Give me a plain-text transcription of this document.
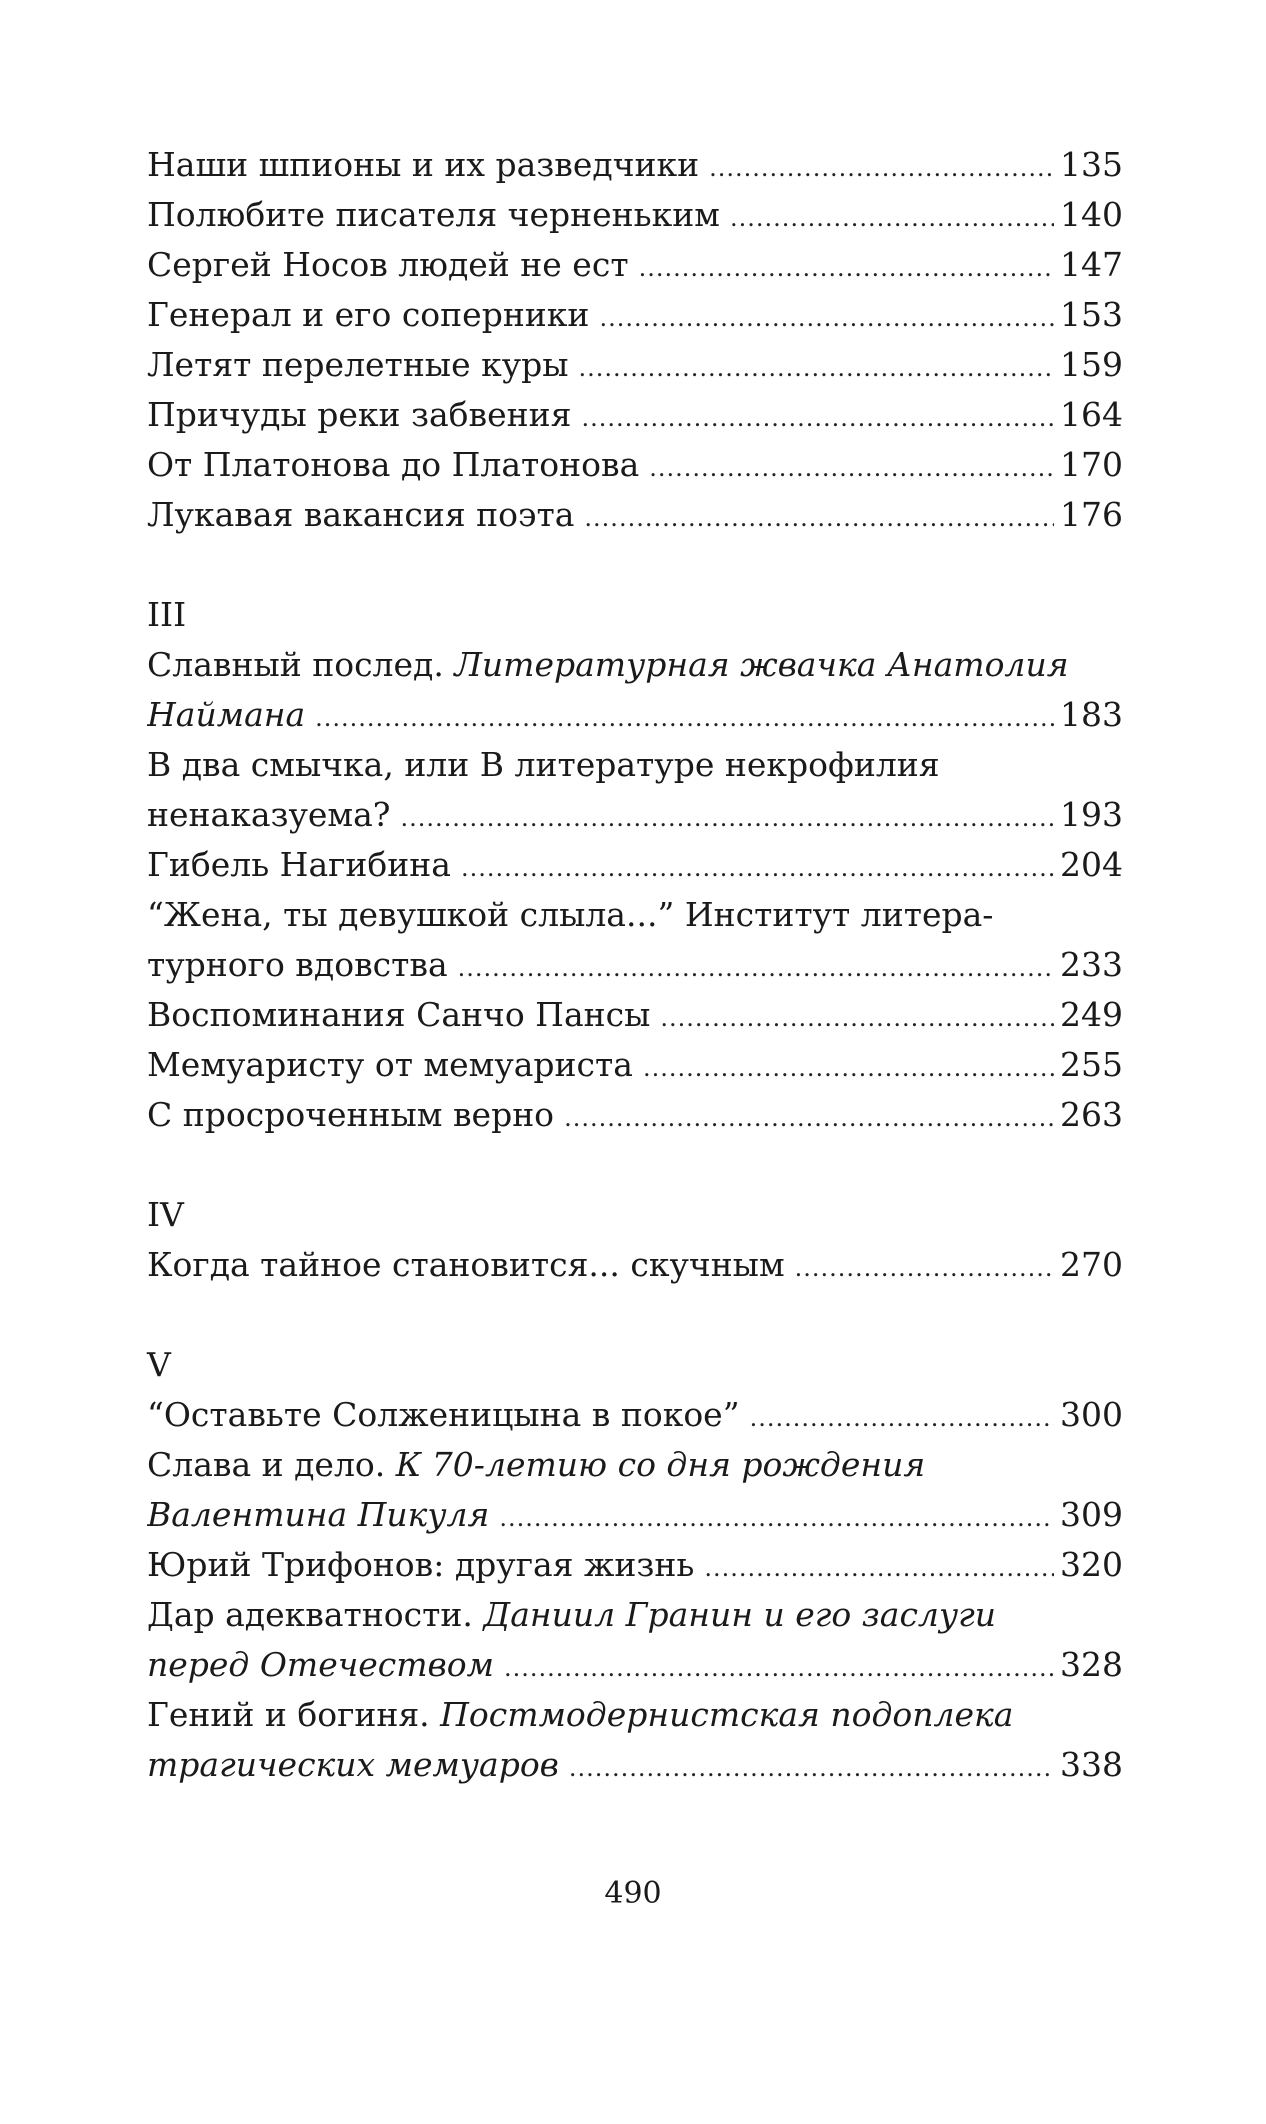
Наши шпионы и их разведчики .....	135
Полюбите писателя черненьким .....	140
Сергей Носов людей не ест .....	147
Генерал и его соперники .....	153
Летят перелетные куры .....	159
Причуды реки забвения .....	164
От Платонова до Платонова .....	170
Лукавая вакансия поэта .....	176
III
Славный послед. Литературная жвачка Анатолия
Наймана .....	183
В два смычка, или В литературе некрофилия
ненаказуема? .....	193
Гибель Нагибина .....	204
“Жена, ты девушкой слыла...” Институт литера-
турного вдовства .....	233
Воспоминания Санчо Пансы .....	249
Мемуаристу от мемуариста .....	255
С просроченным верно .....	263
IV
Когда тайное становится... скучным .....	270
V
“Оставьте Солженицына в покое” .....	300
Слава и дело. К 70-летию со дня рождения
Валентина Пикуля .....	309
Юрий Трифонов: другая жизнь .....	320
Дар адекватности. Даниил Гранин и его заслуги
перед Отечеством .....	328
Гений и богиня. Постмодернистская подоплека
трагических мемуаров .....	338
490
